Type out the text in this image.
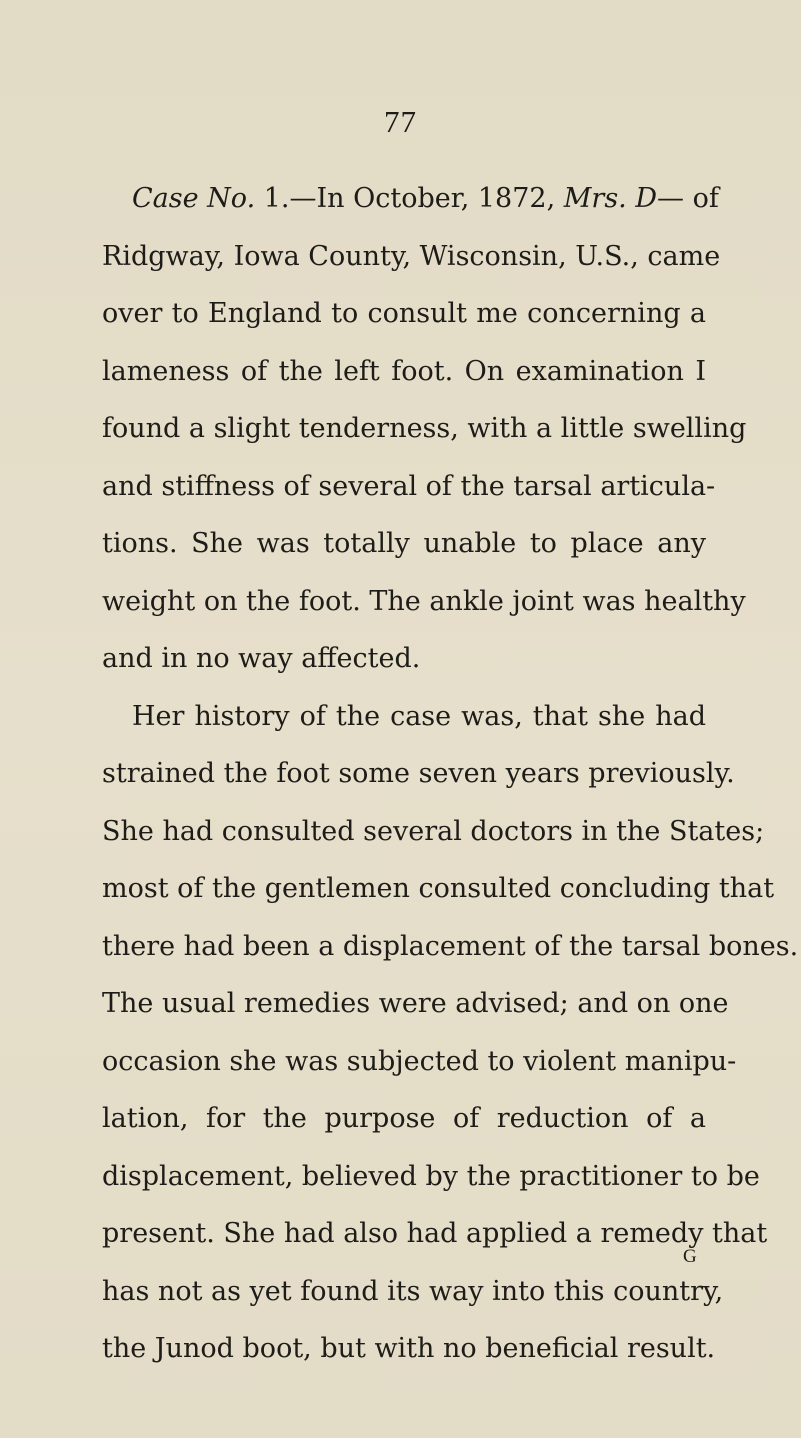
77
Case No. 1.—In October, 1872, Mrs. D— of
Ridgway, Iowa County, Wisconsin, U.S., came
over to England to consult me concerning a
lameness of the left foot. On examination I
found a slight tenderness, with a little swelling
and stiffness of several of the tarsal articula-
tions. She was totally unable to place any
weight on the foot. The ankle joint was healthy
and in no way affected.
Her history of the case was, that she had
strained the foot some seven years previously.
She had consulted several doctors in the States;
most of the gentlemen consulted concluding that
there had been a displacement of the tarsal bones.
The usual remedies were advised; and on one
occasion she was subjected to violent manipu-
lation, for the purpose of reduction of a
displacement, believed by the practitioner to be
present. She had also had applied a remedy that
has not as yet found its way into this country,
the Junod boot, but with no beneficial result.
G
